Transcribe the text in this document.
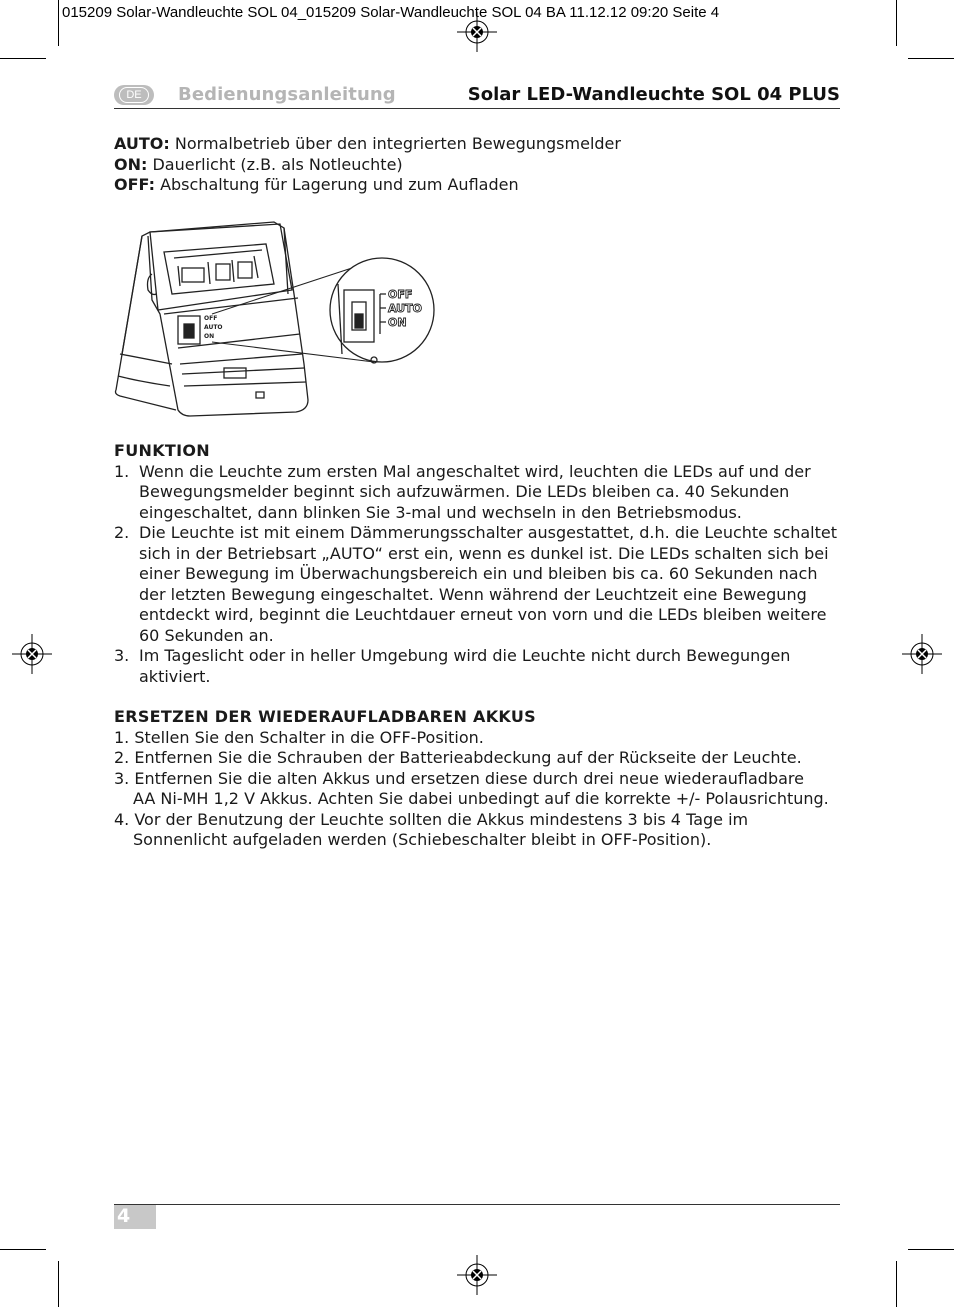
015209 Solar-Wandleuchte SOL 04_015209 Solar-Wandleuchte SOL 04 BA 11.12.12 09:20 Seite 4
DE	Bedienungsanleitung	Solar LED-Wandleuchte SOL 04 PLUS
AUTO: Normalbetrieb über den integrierten Bewegungsmelder
ON: Dauerlicht (z.B. als Notleuchte)
OFF: Abschaltung für Lagerung und zum Aufladen
OFF
AUTO
ON
OFF
AUTO
ON
FUNKTION
1. Wenn die Leuchte zum ersten Mal angeschaltet wird, leuchten die LEDs auf und der
Bewegungsmelder beginnt sich aufzuwärmen. Die LEDs bleiben ca. 40 Sekunden
eingeschaltet, dann blinken Sie 3-mal und wechseln in den Betriebsmodus.
2. Die Leuchte ist mit einem Dämmerungsschalter ausgestattet, d.h. die Leuchte schaltet
sich in der Betriebsart „AUTO“ erst ein, wenn es dunkel ist. Die LEDs schalten sich bei
einer Bewegung im Überwachungsbereich ein und bleiben bis ca. 60 Sekunden nach
der letzten Bewegung eingeschaltet. Wenn während der Leuchtzeit eine Bewegung
entdeckt wird, beginnt die Leuchtdauer erneut von vorn und die LEDs bleiben weitere
60 Sekunden an.
3. Im Tageslicht oder in heller Umgebung wird die Leuchte nicht durch Bewegungen
aktiviert.
ERSETZEN DER WIEDERAUFLADBAREN AKKUS
1. Stellen Sie den Schalter in die OFF-Position.
2. Entfernen Sie die Schrauben der Batterieabdeckung auf der Rückseite der Leuchte.
3. Entfernen Sie die alten Akkus und ersetzen diese durch drei neue wiederaufladbare
AA Ni-MH 1,2 V Akkus. Achten Sie dabei unbedingt auf die korrekte +/- Polausrichtung.
4. Vor der Benutzung der Leuchte sollten die Akkus mindestens 3 bis 4 Tage im
Sonnenlicht aufgeladen werden (Schiebeschalter bleibt in OFF-Position).
4
